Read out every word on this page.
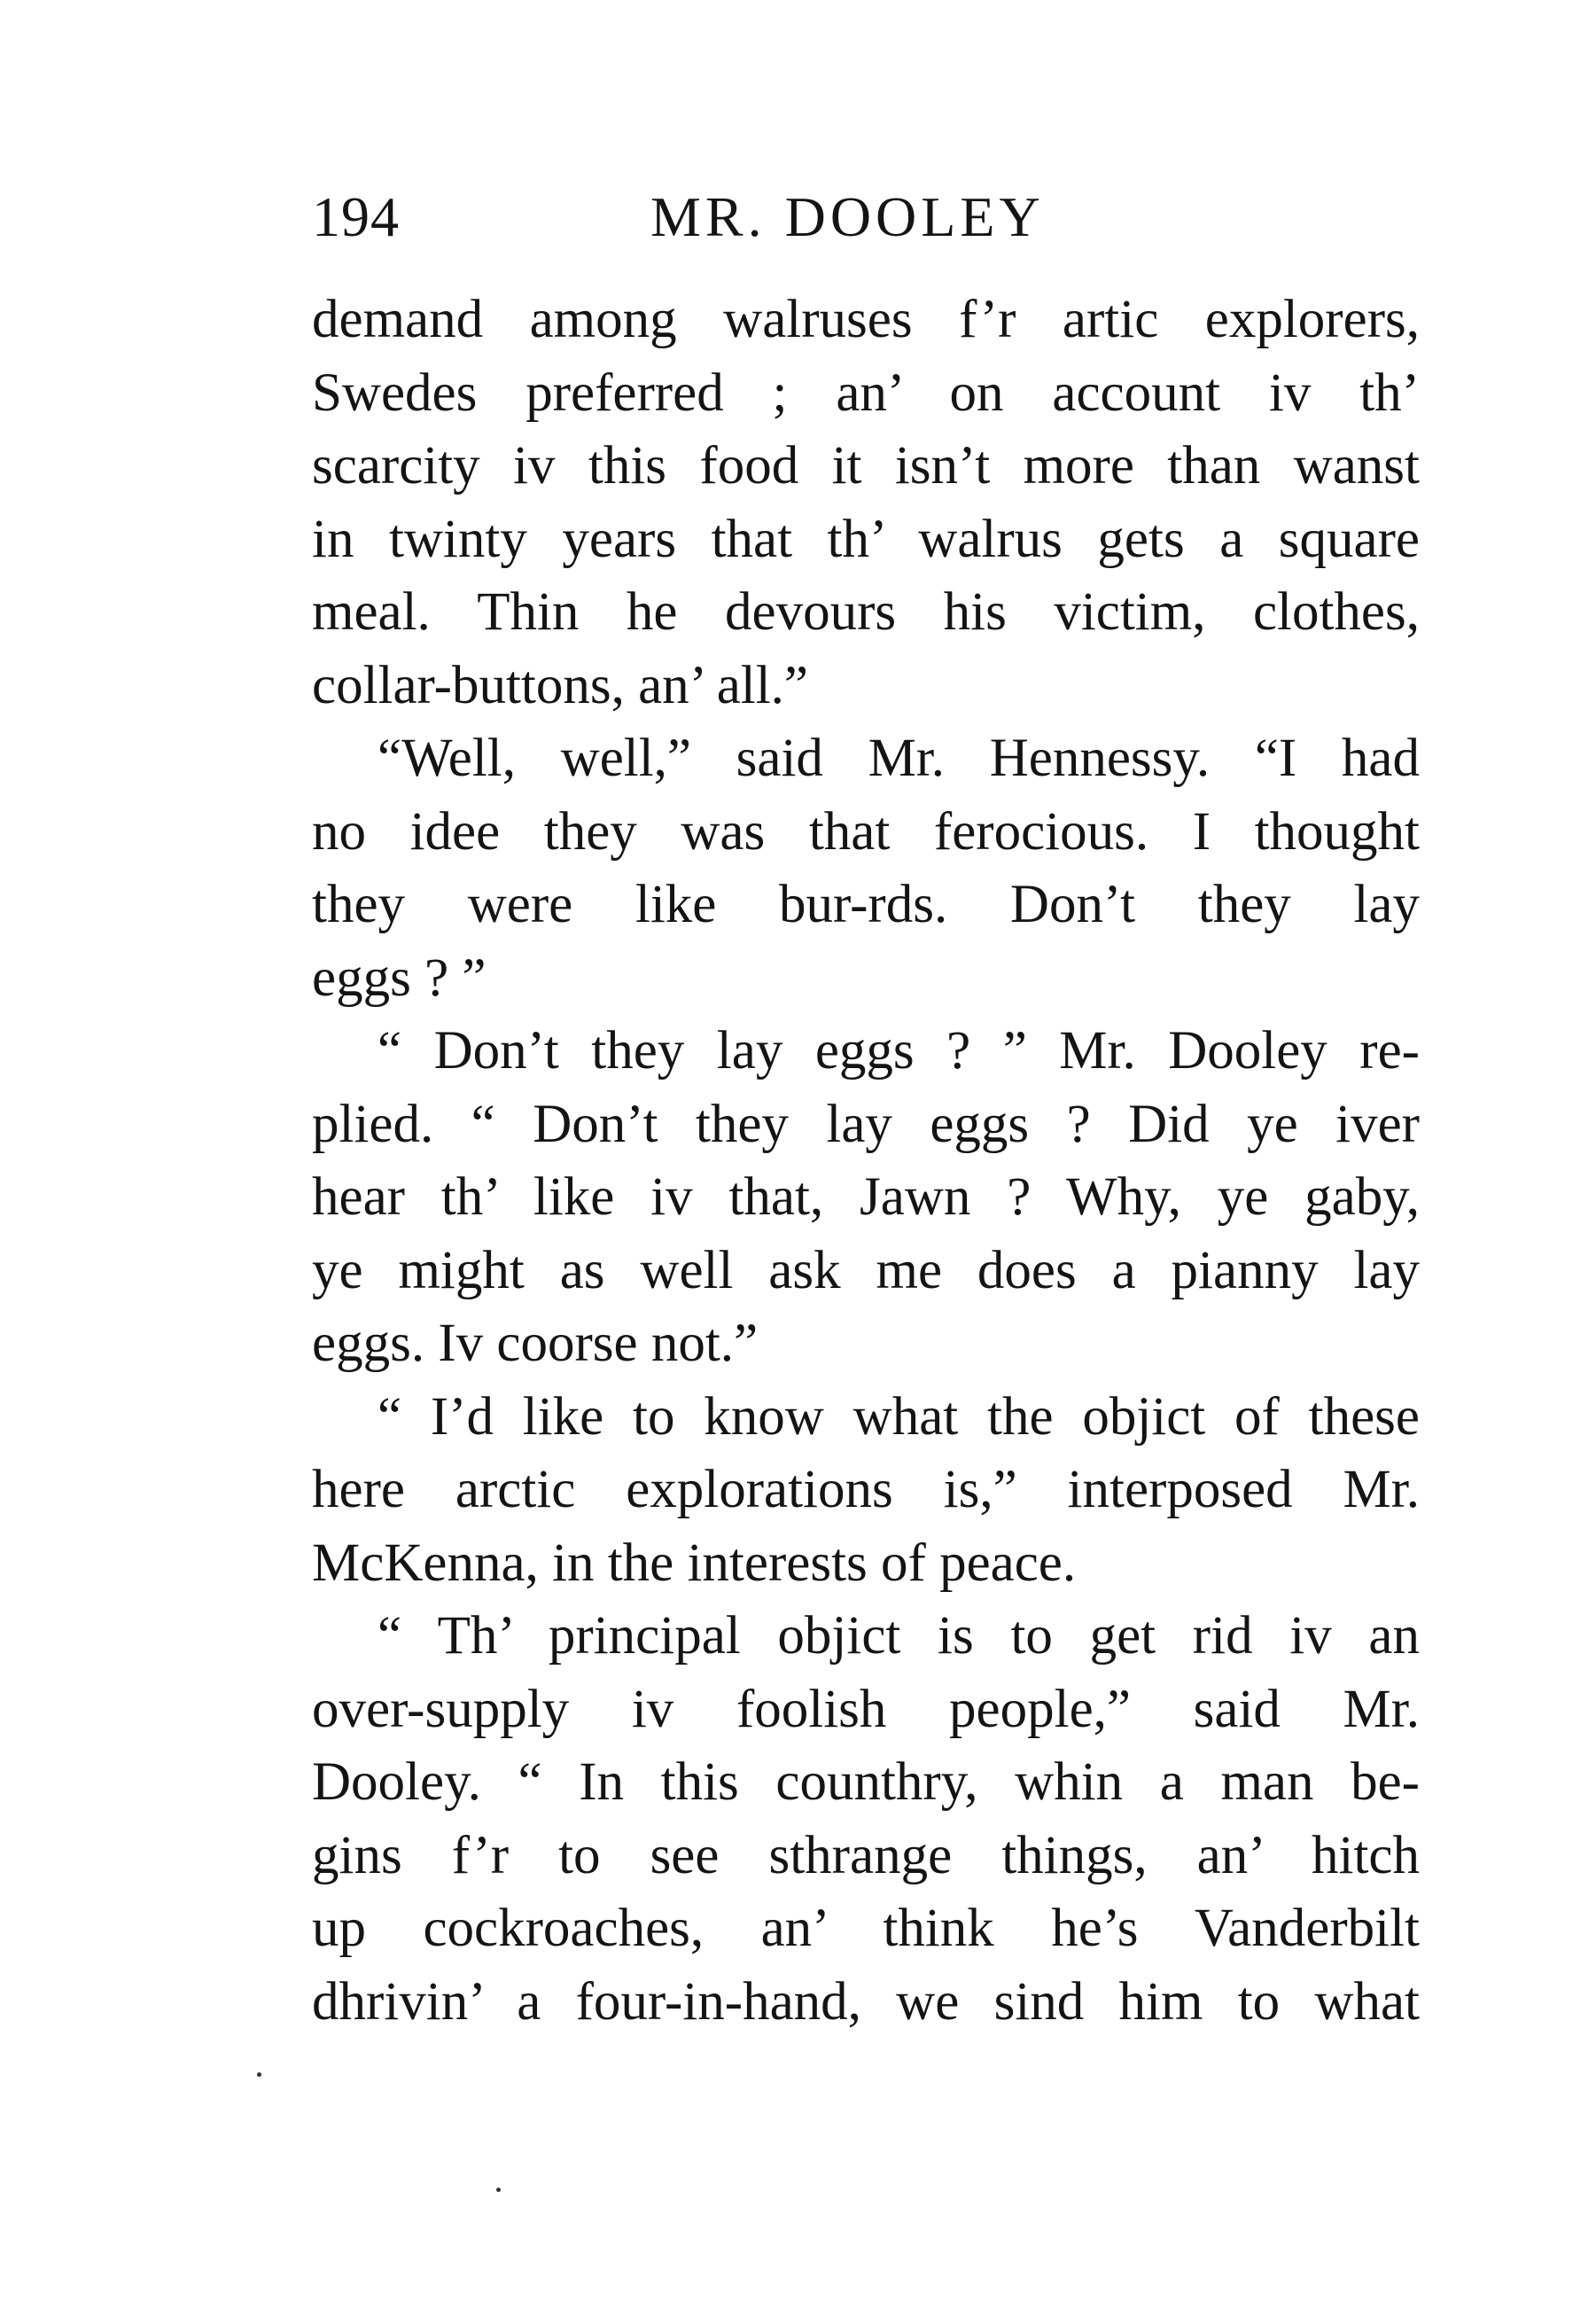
194	MR. DOOLEY
demand among walruses f’r artic explorers,
Swedes preferred ; an’ on account iv th’
scarcity iv this food it isn’t more than wanst
in twinty years that th’ walrus gets a square
meal. Thin he devours his victim, clothes,
collar-buttons, an’ all.”
“Well, well,” said Mr. Hennessy. “I had
no idee they was that ferocious. I thought
they were like bur-rds. Don’t they lay
eggs ? ”
“ Don’t they lay eggs ? ” Mr. Dooley re-
plied. “ Don’t they lay eggs ? Did ye iver
hear th’ like iv that, Jawn ? Why, ye gaby,
ye might as well ask me does a pianny lay
eggs. Iv coorse not.”
“ I’d like to know what the objict of these
here arctic explorations is,” interposed Mr.
McKenna, in the interests of peace.
“ Th’ principal objict is to get rid iv an
over-supply iv foolish people,” said Mr.
Dooley. “ In this counthry, whin a man be-
gins f’r to see sthrange things, an’ hitch
up cockroaches, an’ think he’s Vanderbilt
dhrivin’ a four-in-hand, we sind him to what
